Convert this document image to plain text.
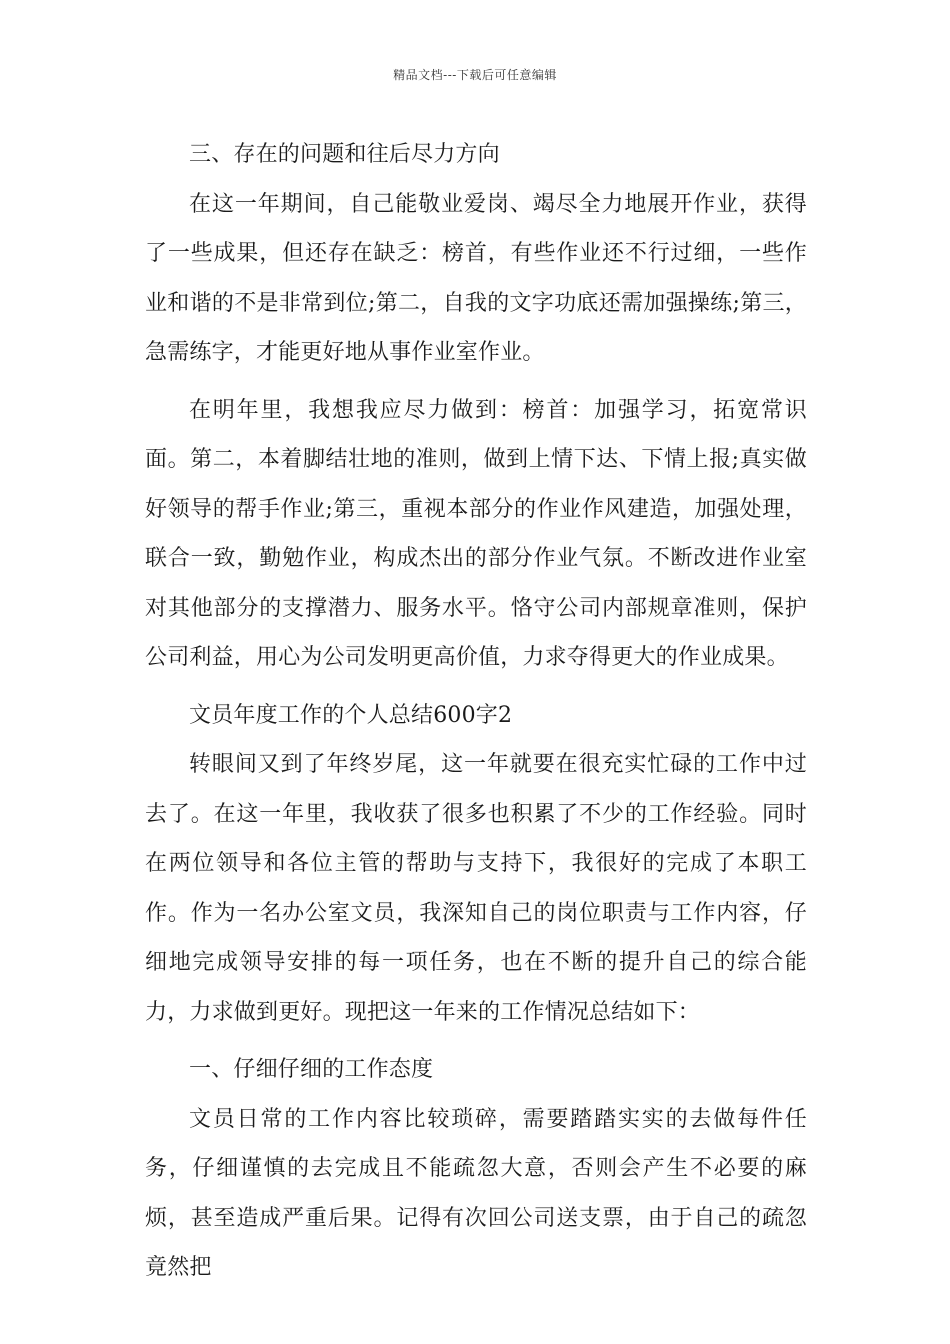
精品文档---下载后可任意编辑

三、存在的问题和往后尽力方向

在这一年期间，自己能敬业爱岗、竭尽全力地展开作业，获得了一些成果，但还存在缺乏：榜首，有些作业还不行过细，一些作业和谐的不是非常到位;第二，自我的文字功底还需加强操练;第三，急需练字，才能更好地从事作业室作业。

在明年里，我想我应尽力做到：榜首：加强学习，拓宽常识面。第二，本着脚结壮地的准则，做到上情下达、下情上报;真实做好领导的帮手作业;第三，重视本部分的作业作风建造，加强处理，联合一致，勤勉作业，构成杰出的部分作业气氛。不断改进作业室对其他部分的支撑潜力、服务水平。恪守公司内部规章准则，保护公司利益，用心为公司发明更高价值，力求夺得更大的作业成果。

文员年度工作的个人总结600字2

转眼间又到了年终岁尾，这一年就要在很充实忙碌的工作中过去了。在这一年里，我收获了很多也积累了不少的工作经验。同时在两位领导和各位主管的帮助与支持下，我很好的完成了本职工作。作为一名办公室文员，我深知自己的岗位职责与工作内容，仔细地完成领导安排的每一项任务，也在不断的提升自己的综合能力，力求做到更好。现把这一年来的工作情况总结如下：

一、仔细仔细的工作态度

文员日常的工作内容比较琐碎，需要踏踏实实的去做每件任务，仔细谨慎的去完成且不能疏忽大意，否则会产生不必要的麻烦，甚至造成严重后果。记得有次回公司送支票，由于自己的疏忽竟然把
